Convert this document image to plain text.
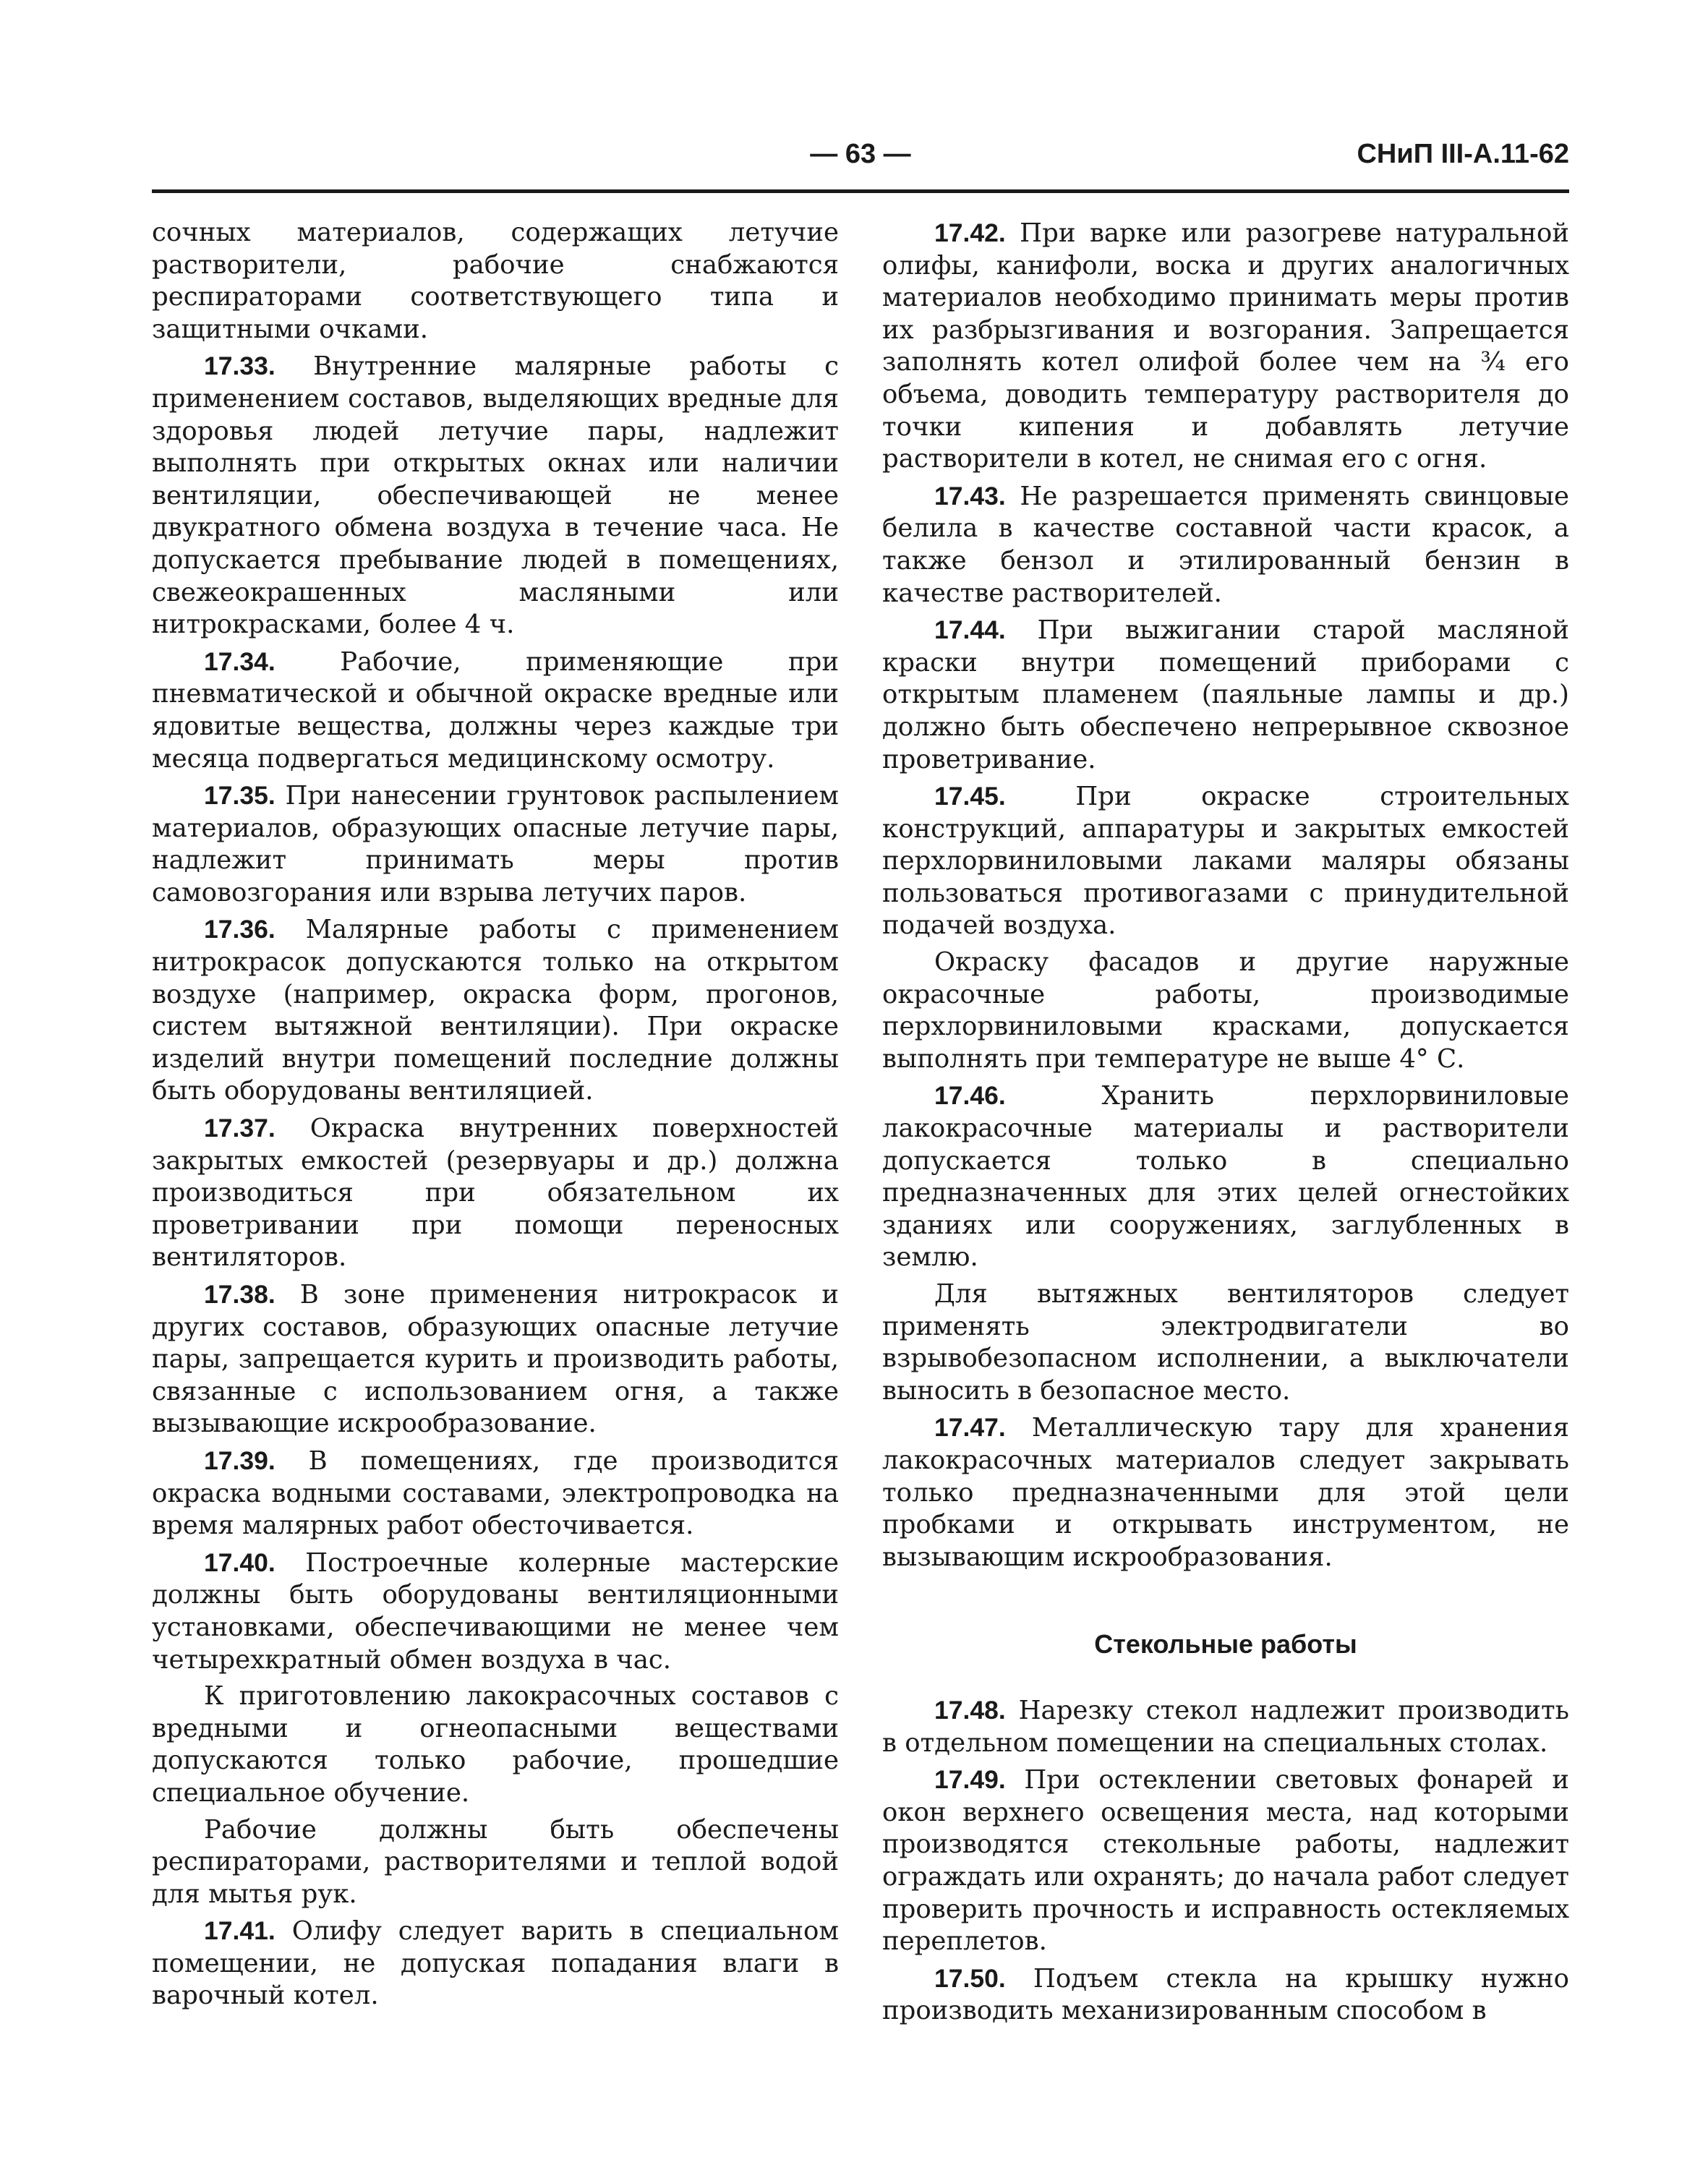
— 63 —	СНиП III-А.11-62

сочных материалов, содержащих летучие растворители, рабочие снабжаются респираторами соответствующего типа и защитными очками.

17.33. Внутренние малярные работы с применением составов, выделяющих вредные для здоровья людей летучие пары, надлежит выполнять при открытых окнах или наличии вентиляции, обеспечивающей не менее двукратного обмена воздуха в течение часа. Не допускается пребывание людей в помещениях, свежеокрашенных масляными или нитрокрасками, более 4 ч.

17.34. Рабочие, применяющие при пневматической и обычной окраске вредные или ядовитые вещества, должны через каждые три месяца подвергаться медицинскому осмотру.

17.35. При нанесении грунтовок распылением материалов, образующих опасные летучие пары, надлежит принимать меры против самовозгорания или взрыва летучих паров.

17.36. Малярные работы с применением нитрокрасок допускаются только на открытом воздухе (например, окраска форм, прогонов, систем вытяжной вентиляции). При окраске изделий внутри помещений последние должны быть оборудованы вентиляцией.

17.37. Окраска внутренних поверхностей закрытых емкостей (резервуары и др.) должна производиться при обязательном их проветривании при помощи переносных вентиляторов.

17.38. В зоне применения нитрокрасок и других составов, образующих опасные летучие пары, запрещается курить и производить работы, связанные с использованием огня, а также вызывающие искрообразование.

17.39. В помещениях, где производится окраска водными составами, электропроводка на время малярных работ обесточивается.

17.40. Построечные колерные мастерские должны быть оборудованы вентиляционными установками, обеспечивающими не менее чем четырехкратный обмен воздуха в час.

К приготовлению лакокрасочных составов с вредными и огнеопасными веществами допускаются только рабочие, прошедшие специальное обучение.

Рабочие должны быть обеспечены респираторами, растворителями и теплой водой для мытья рук.

17.41. Олифу следует варить в специальном помещении, не допуская попадания влаги в варочный котел.

17.42. При варке или разогреве натуральной олифы, канифоли, воска и других аналогичных материалов необходимо принимать меры против их разбрызгивания и возгорания. Запрещается заполнять котел олифой более чем на ¾ его объема, доводить температуру растворителя до точки кипения и добавлять летучие растворители в котел, не снимая его с огня.

17.43. Не разрешается применять свинцовые белила в качестве составной части красок, а также бензол и этилированный бензин в качестве растворителей.

17.44. При выжигании старой масляной краски внутри помещений приборами с открытым пламенем (паяльные лампы и др.) должно быть обеспечено непрерывное сквозное проветривание.

17.45. При окраске строительных конструкций, аппаратуры и закрытых емкостей перхлорвиниловыми лаками маляры обязаны пользоваться противогазами с принудительной подачей воздуха.

Окраску фасадов и другие наружные окрасочные работы, производимые перхлорвиниловыми красками, допускается выполнять при температуре не выше 4° С.

17.46. Хранить перхлорвиниловые лакокрасочные материалы и растворители допускается только в специально предназначенных для этих целей огнестойких зданиях или сооружениях, заглубленных в землю.

Для вытяжных вентиляторов следует применять электродвигатели во взрывобезопасном исполнении, а выключатели выносить в безопасное место.

17.47. Металлическую тару для хранения лакокрасочных материалов следует закрывать только предназначенными для этой цели пробками и открывать инструментом, не вызывающим искрообразования.

Стекольные работы

17.48. Нарезку стекол надлежит производить в отдельном помещении на специальных столах.

17.49. При остеклении световых фонарей и окон верхнего освещения места, над которыми производятся стекольные работы, надлежит ограждать или охранять; до начала работ следует проверить прочность и исправность остекляемых переплетов.

17.50. Подъем стекла на крышку нужно производить механизированным способом в
